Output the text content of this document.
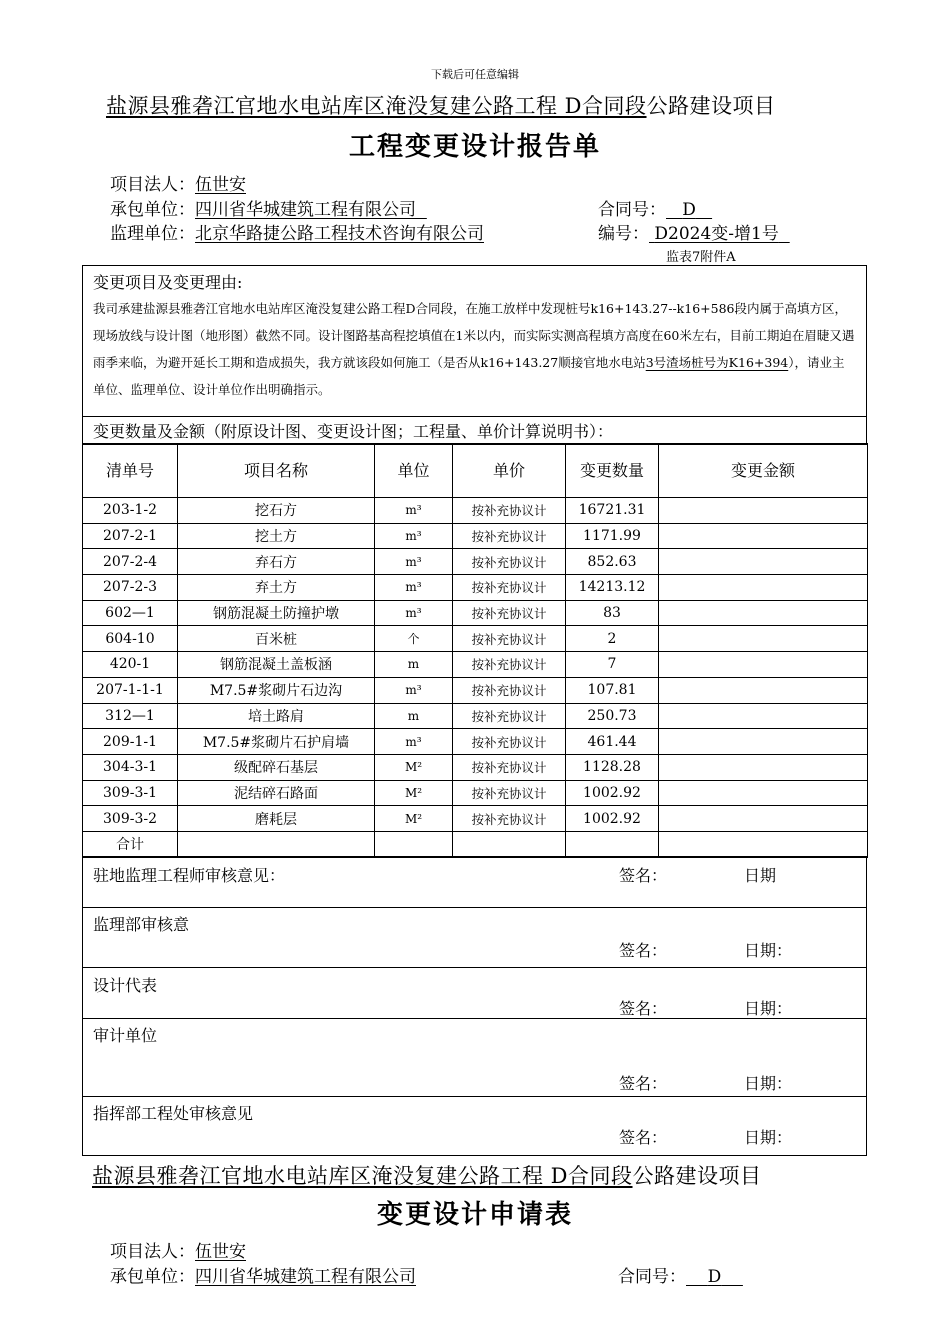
下载后可任意编辑
盐源县雅砻江官地水电站库区淹没复建公路工程 D合同段公路建设项目
工程变更设计报告单
项目法人：伍世安
承包单位：四川省华城建筑工程有限公司	合同号： D
监理单位：北京华路捷公路工程技术咨询有限公司	编号： D2024变-增1号
监表7附件A
变更项目及变更理由:
我司承建盐源县雅砻江官地水电站库区淹没复建公路工程D合同段，在施工放样中发现桩号k16+143.27--k16+586段内属于高填方区，现场放线与设计图（地形图）截然不同。设计图路基高程挖填值在1米以内，而实际实测高程填方高度在60米左右，目前工期迫在眉睫又遇雨季来临，为避开延长工期和造成损失，我方就该段如何施工（是否从k16+143.27顺接官地水电站3号渣场桩号为K16+394），请业主单位、监理单位、设计单位作出明确指示。

变更数量及金额（附原设计图、变更设计图；工程量、单价计算说明书）：
清单号	项目名称	单位	单价	变更数量	变更金额
203-1-2	挖石方	m³	按补充协议计	16721.31	
207-2-1	挖土方	m³	按补充协议计	1171.99	
207-2-4	弃石方	m³	按补充协议计	852.63	
207-2-3	弃土方	m³	按补充协议计	14213.12	
602—1	钢筋混凝土防撞护墩	m³	按补充协议计	83	
604-10	百米桩	个	按补充协议计	2	
420-1	钢筋混凝土盖板涵	m	按补充协议计	7	
207-1-1-1	M7.5#浆砌片石边沟	m³	按补充协议计	107.81	
312—1	培土路肩	m	按补充协议计	250.73	
209-1-1	M7.5#浆砌片石护肩墙	m³	按补充协议计	461.44	
304-3-1	级配碎石基层	M²	按补充协议计	1128.28	
309-3-1	泥结碎石路面	M²	按补充协议计	1002.92	
309-3-2	磨耗层	M²	按补充协议计	1002.92	
合计					
驻地监理工程师审核意见：	签名：	日期

监理部审核意
签名：	日期：

设计代表
签名：	日期：

审计单位
签名：	日期：

指挥部工程处审核意见
签名：	日期：
盐源县雅砻江官地水电站库区淹没复建公路工程 D合同段公路建设项目
变更设计申请表
项目法人：伍世安
承包单位：四川省华城建筑工程有限公司	合同号： D
